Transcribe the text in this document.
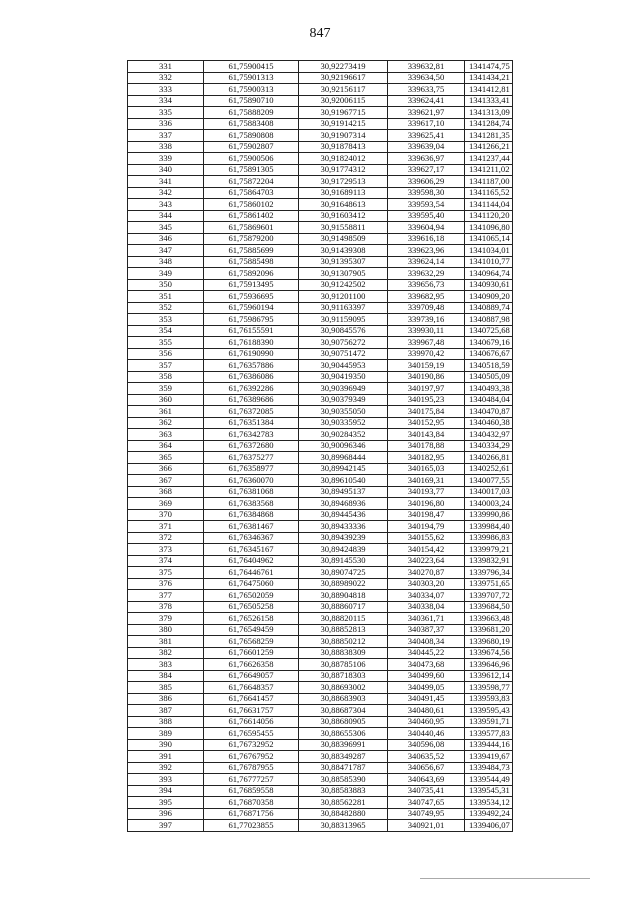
847
331	61,75900415	30,92273419	339632,81	1341474,75
332	61,75901313	30,92196617	339634,50	1341434,21
333	61,75900313	30,92156117	339633,75	1341412,81
334	61,75890710	30,92006115	339624,41	1341333,41
335	61,75888209	30,91967715	339621,97	1341313,09
336	61,75883408	30,91914215	339617,10	1341284,74
337	61,75890808	30,91907314	339625,41	1341281,35
338	61,75902807	30,91878413	339639,04	1341266,21
339	61,75900506	30,91824012	339636,97	1341237,44
340	61,75891305	30,91774312	339627,17	1341211,02
341	61,75872204	30,91729513	339606,29	1341187,00
342	61,75864703	30,91689113	339598,30	1341165,52
343	61,75860102	30,91648613	339593,54	1341144,04
344	61,75861402	30,91603412	339595,40	1341120,20
345	61,75869601	30,91558811	339604,94	1341096,80
346	61,75879200	30,91498509	339616,18	1341065,14
347	61,75885699	30,91439308	339623,96	1341034,01
348	61,75885498	30,91395307	339624,14	1341010,77
349	61,75892096	30,91307905	339632,29	1340964,74
350	61,75913495	30,91242502	339656,73	1340930,61
351	61,75936695	30,91201100	339682,95	1340909,20
352	61,75960194	30,91163397	339709,48	1340889,74
353	61,75986795	30,91159095	339739,16	1340887,98
354	61,76155591	30,90845576	339930,11	1340725,68
355	61,76188390	30,90756272	339967,48	1340679,16
356	61,76190990	30,90751472	339970,42	1340676,67
357	61,76357886	30,90445953	340159,19	1340518,59
358	61,76386086	30,90419350	340190,86	1340505,09
359	61,76392286	30,90396949	340197,97	1340493,38
360	61,76389686	30,90379349	340195,23	1340484,04
361	61,76372085	30,90355050	340175,84	1340470,87
362	61,76351384	30,90335952	340152,95	1340460,38
363	61,76342783	30,90284352	340143,84	1340432,97
364	61,76372680	30,90096346	340178,88	1340334,29
365	61,76375277	30,89968444	340182,95	1340266,81
366	61,76358977	30,89942145	340165,03	1340252,61
367	61,76360070	30,89610540	340169,31	1340077,55
368	61,76381068	30,89495137	340193,77	1340017,03
369	61,76383568	30,89468936	340196,80	1340003,24
370	61,76384868	30,89445436	340198,47	1339990,86
371	61,76381467	30,89433336	340194,79	1339984,40
372	61,76346367	30,89439239	340155,62	1339986,83
373	61,76345167	30,89424839	340154,42	1339979,21
374	61,76404962	30,89145530	340223,64	1339832,91
375	61,76446761	30,89074725	340270,87	1339796,34
376	61,76475060	30,88989022	340303,20	1339751,65
377	61,76502059	30,88904818	340334,07	1339707,72
378	61,76505258	30,88860717	340338,04	1339684,50
379	61,76526158	30,88820115	340361,71	1339663,48
380	61,76549459	30,88852813	340387,37	1339681,20
381	61,76568259	30,88850212	340408,34	1339680,19
382	61,76601259	30,88838309	340445,22	1339674,56
383	61,76626358	30,88785106	340473,68	1339646,96
384	61,76649057	30,88718303	340499,60	1339612,14
385	61,76648357	30,88693002	340499,05	1339598,77
386	61,76641457	30,88683903	340491,45	1339593,83
387	61,76631757	30,88687304	340480,61	1339595,43
388	61,76614056	30,88680905	340460,95	1339591,71
389	61,76595455	30,88655306	340440,46	1339577,83
390	61,76732952	30,88396991	340596,08	1339444,16
391	61,76767952	30,88349287	340635,52	1339419,67
392	61,76787955	30,88471787	340656,67	1339484,73
393	61,76777257	30,88585390	340643,69	1339544,49
394	61,76859558	30,88583883	340735,41	1339545,31
395	61,76870358	30,88562281	340747,65	1339534,12
396	61,76871756	30,88482880	340749,95	1339492,24
397	61,77023855	30,88313965	340921,01	1339406,07
